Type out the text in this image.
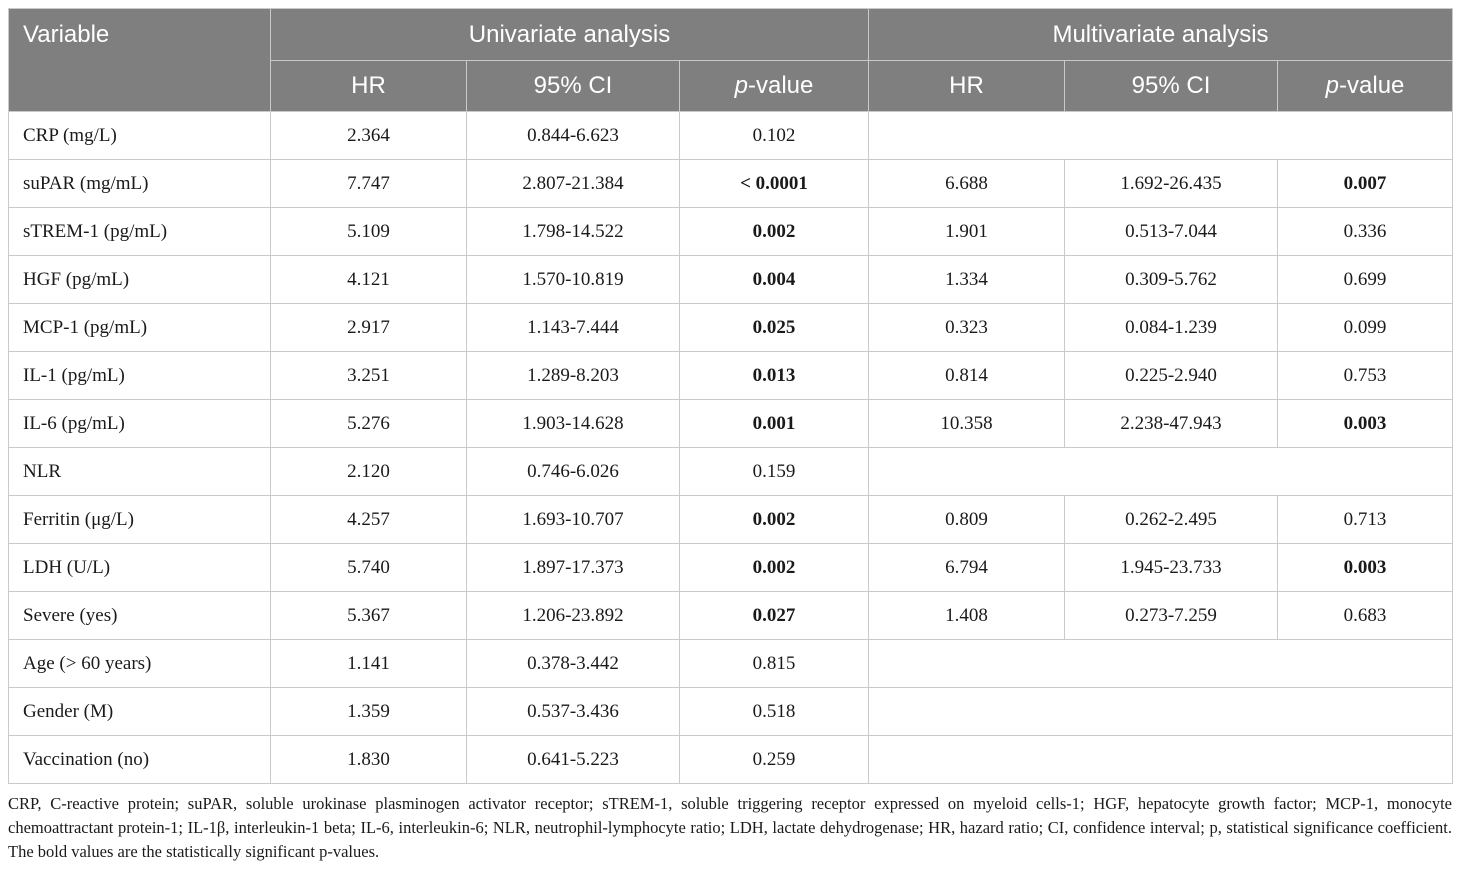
Variable	Univariate analysis			Multivariate analysis		
	HR	95% CI	p-value	HR	95% CI	p-value
CRP (mg/L)	2.364	0.844-6.623	0.102			
suPAR (mg/mL)	7.747	2.807-21.384	< 0.0001	6.688	1.692-26.435	0.007
sTREM-1 (pg/mL)	5.109	1.798-14.522	0.002	1.901	0.513-7.044	0.336
HGF (pg/mL)	4.121	1.570-10.819	0.004	1.334	0.309-5.762	0.699
MCP-1 (pg/mL)	2.917	1.143-7.444	0.025	0.323	0.084-1.239	0.099
IL-1 (pg/mL)	3.251	1.289-8.203	0.013	0.814	0.225-2.940	0.753
IL-6 (pg/mL)	5.276	1.903-14.628	0.001	10.358	2.238-47.943	0.003
NLR	2.120	0.746-6.026	0.159			
Ferritin (μg/L)	4.257	1.693-10.707	0.002	0.809	0.262-2.495	0.713
LDH (U/L)	5.740	1.897-17.373	0.002	6.794	1.945-23.733	0.003
Severe (yes)	5.367	1.206-23.892	0.027	1.408	0.273-7.259	0.683
Age (> 60 years)	1.141	0.378-3.442	0.815			
Gender (M)	1.359	0.537-3.436	0.518			
Vaccination (no)	1.830	0.641-5.223	0.259			
CRP, C-reactive protein; suPAR, soluble urokinase plasminogen activator receptor; sTREM-1, soluble triggering receptor expressed on myeloid cells-1; HGF, hepatocyte growth factor; MCP-1, monocyte chemoattractant protein-1; IL-1β, interleukin-1 beta; IL-6, interleukin-6; NLR, neutrophil-lymphocyte ratio; LDH, lactate dehydrogenase; HR, hazard ratio; CI, confidence interval; p, statistical significance coefficient. The bold values are the statistically significant p-values.
